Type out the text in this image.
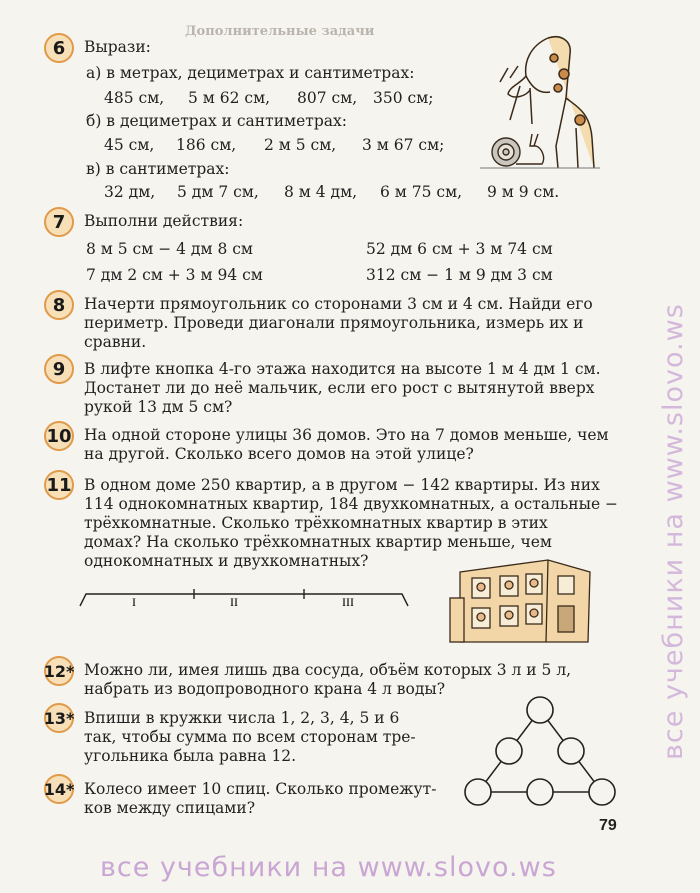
Дополнительные задачи
6	Вырази:
а) в метрах, дециметрах и сантиметрах:
485 см, 5 м 62 см, 807 см, 350 см;
б) в дециметрах и сантиметрах:
45 см, 186 см, 2 м 5 см, 3 м 67 см;
в) в сантиметрах:
32 дм, 5 дм 7 см, 8 м 4 дм, 6 м 75 см, 9 м 9 см.
7	Выполни действия:
8 м 5 см − 4 дм 8 см	52 дм 6 см + 3 м 74 см
7 дм 2 см + 3 м 94 см	312 см − 1 м 9 дм 3 см
8	Начерти прямоугольник со сторонами 3 см и 4 см. Найди его
периметр. Проведи диагонали прямоугольника, измерь их и
сравни.
9	В лифте кнопка 4-го этажа находится на высоте 1 м 4 дм 1 см.
Достанет ли до неё мальчик, если его рост с вытянутой вверх
рукой 13 дм 5 см?
10 На одной стороне улицы 36 домов. Это на 7 домов меньше, чем
на другой. Сколько всего домов на этой улице?
11 В одном доме 250 квартир, а в другом − 142 квартиры. Из них
114 однокомнатных квартир, 184 двухкомнатных, а остальные −
трёхкомнатные. Сколько трёхкомнатных квартир в этих
домах? На сколько трёхкомнатных квартир меньше, чем
однокомнатных и двухкомнатных?
I	II	III
12* Можно ли, имея лишь два сосуда, объём которых 3 л и 5 л,
набрать из водопроводного крана 4 л воды?
13* Впиши в кружки числа 1, 2, 3, 4, 5 и 6
так, чтобы сумма по всем сторонам тре-
угольника была равна 12.
14* Колесо имеет 10 спиц. Сколько промежут-
ков между спицами?
79
все учебники на www.slovo.ws
все учебники на www.slovo.ws
